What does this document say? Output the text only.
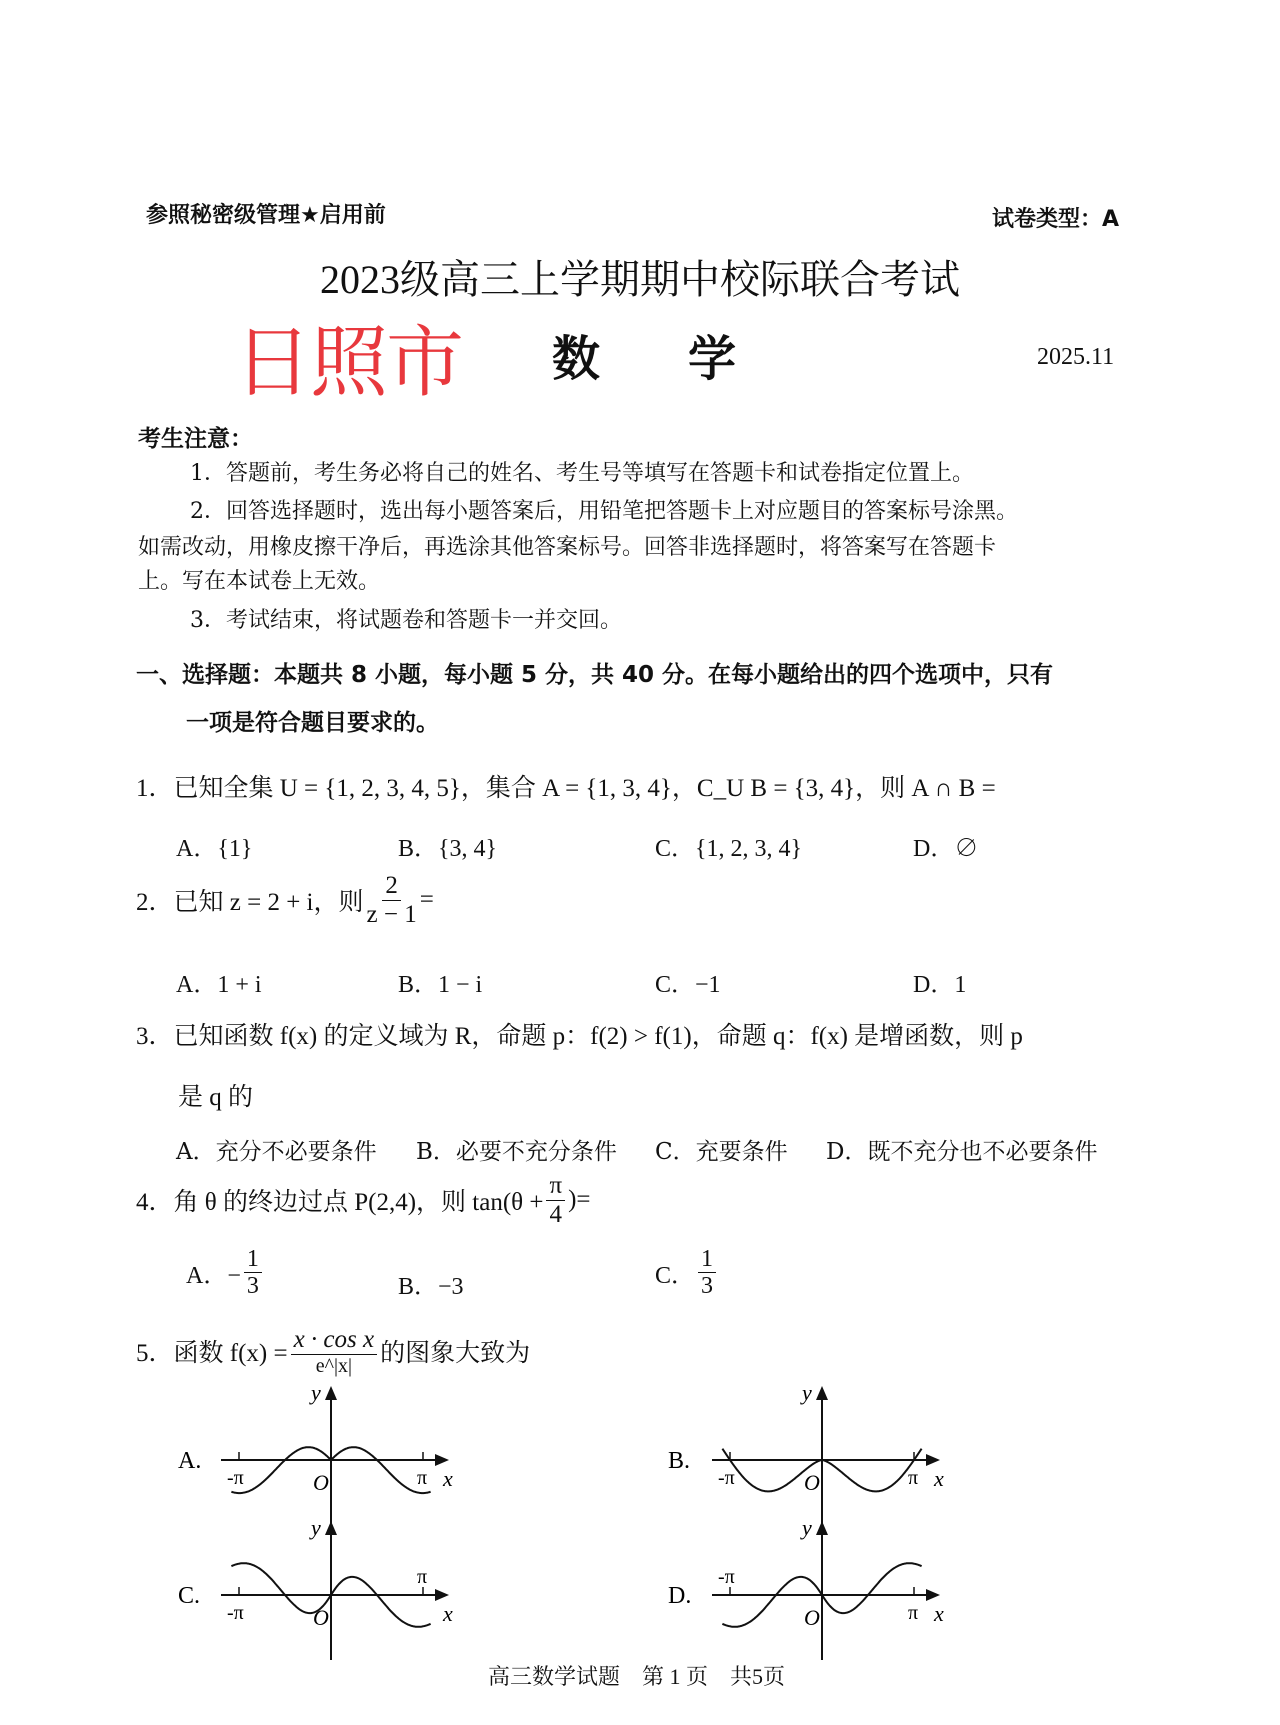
参照秘密级管理★启用前	试卷类型：A
2023级高三上学期期中校际联合考试
日照市 数 学	2025.11
考生注意：
1．答题前，考生务必将自己的姓名、考生号等填写在答题卡和试卷指定位置上。
2．回答选择题时，选出每小题答案后，用铅笔把答题卡上对应题目的答案标号涂黑。
如需改动，用橡皮擦干净后，再选涂其他答案标号。回答非选择题时，将答案写在答题卡
上。写在本试卷上无效。
3．考试结束，将试题卷和答题卡一并交回。
一、选择题：本题共 8 小题，每小题 5 分，共 40 分。在每小题给出的四个选项中，只有
一项是符合题目要求的。
1．已知全集 U = {1, 2, 3, 4, 5}，集合 A = {1, 3, 4}，C_U B = {3, 4}，则 A ∩ B =
A．{1}	B．{3, 4}	C．{1, 2, 3, 4}	D．∅
2．已知 z = 2 + i，则 $\frac{2}{z - 1}$ =
A．1 + i	B．1 − i	C．−1	D．1
3．已知函数 f(x) 的定义域为 R，命题 p：f(2) > f(1)，命题 q：f(x) 是增函数，则 p
是 q 的
A．充分不必要条件 B．必要不充分条件 C．充要条件 D．既不充分也不必要条件
4．角 θ 的终边过点 P(2,4)，则 $\tan(\theta + \frac{\pi}{4}$ )=
A．− $\frac{1}{3}$	B．−3	C． $\frac{1}{3}$
5．函数 $f(x) = \frac{\text{x · cos x}}{e\^{}|x|}$ 的图象大致为
A.
-π	π
O	x
y
B.
-π	π
O	x
y
C.
-π
π
O	x
y
D.
-π
π
O	x
y
高三数学试题　第 1 页　共5页
